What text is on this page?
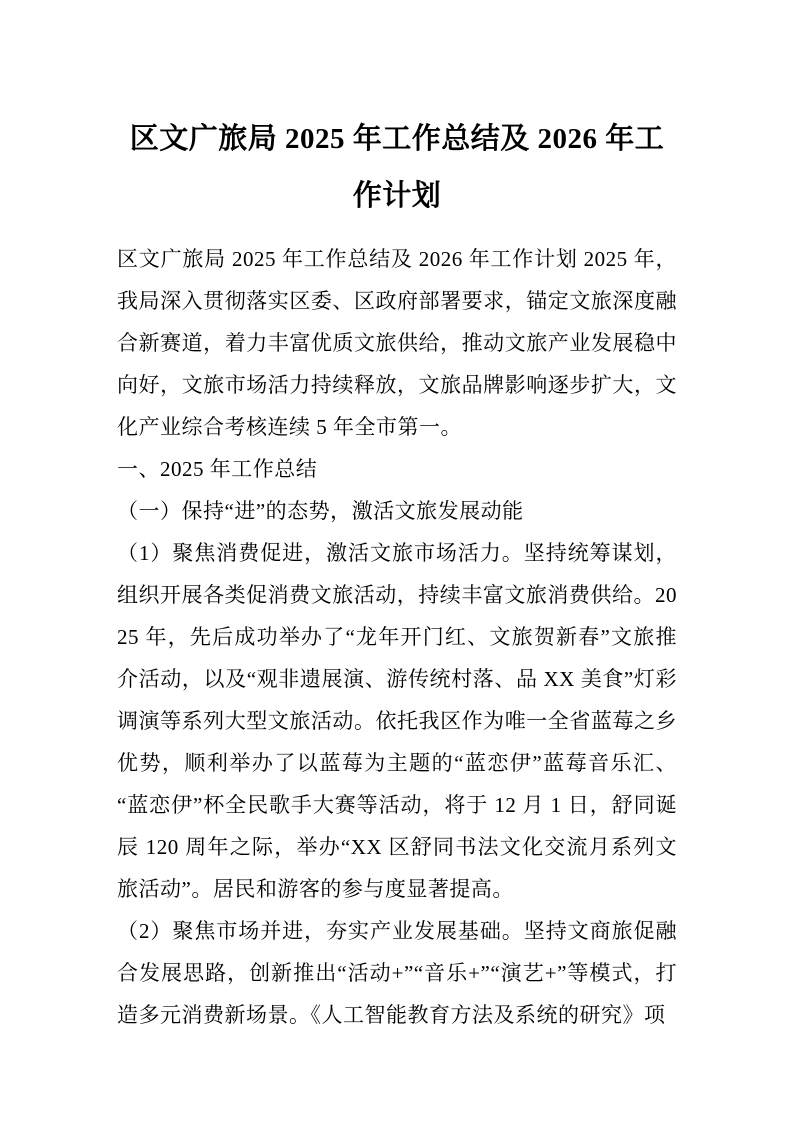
区文广旅局 2025 年工作总结及 2026 年工作计划

区文广旅局 2025 年工作总结及 2026 年工作计划 2025 年，我局深入贯彻落实区委、区政府部署要求，锚定文旅深度融合新赛道，着力丰富优质文旅供给，推动文旅产业发展稳中向好，文旅市场活力持续释放，文旅品牌影响逐步扩大，文化产业综合考核连续 5 年全市第一。

一、2025 年工作总结

（一）保持“进”的态势，激活文旅发展动能

（1）聚焦消费促进，激活文旅市场活力。坚持统筹谋划，组织开展各类促消费文旅活动，持续丰富文旅消费供给。2025 年，先后成功举办了“龙年开门红、文旅贺新春”文旅推介活动，以及“观非遗展演、游传统村落、品 XX 美食”灯彩调演等系列大型文旅活动。依托我区作为唯一全省蓝莓之乡优势，顺利举办了以蓝莓为主题的“蓝恋伊”蓝莓音乐汇、“蓝恋伊”杯全民歌手大赛等活动，将于 12 月 1 日，舒同诞辰 120 周年之际，举办“XX 区舒同书法文化交流月系列文旅活动”。居民和游客的参与度显著提高。

（2）聚焦市场并进，夯实产业发展基础。坚持文商旅促融合发展思路，创新推出“活动+”“音乐+”“演艺+”等模式，打造多元消费新场景。《人工智能教育方法及系统的研究》项
